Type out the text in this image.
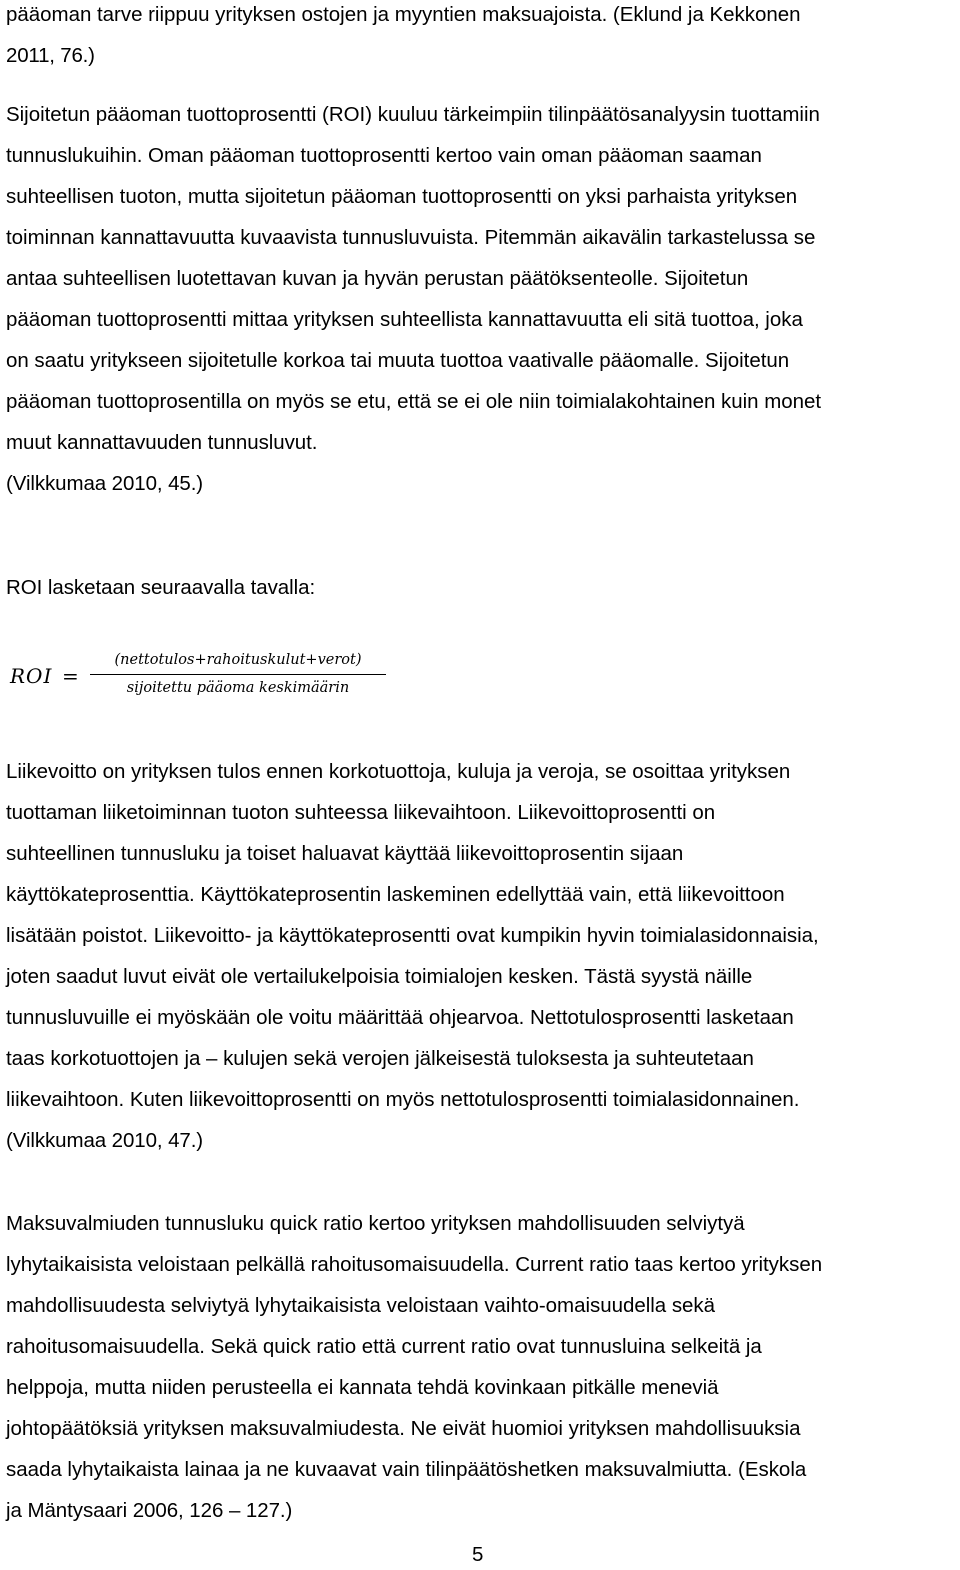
pääoman tarve riippuu yrityksen ostojen ja myyntien maksuajoista. (Eklund ja Kekkonen
2011, 76.)
Sijoitetun pääoman tuottoprosentti (ROI) kuuluu tärkeimpiin tilinpäätösanalyysin tuottamiin
tunnuslukuihin. Oman pääoman tuottoprosentti kertoo vain oman pääoman saaman
suhteellisen tuoton, mutta sijoitetun pääoman tuottoprosentti on yksi parhaista yrityksen
toiminnan kannattavuutta kuvaavista tunnusluvuista. Pitemmän aikavälin tarkastelussa se
antaa suhteellisen luotettavan kuvan ja hyvän perustan päätöksenteolle. Sijoitetun
pääoman tuottoprosentti mittaa yrityksen suhteellista kannattavuutta eli sitä tuottoa, joka
on saatu yritykseen sijoitetulle korkoa tai muuta tuottoa vaativalle pääomalle. Sijoitetun
pääoman tuottoprosentilla on myös se etu, että se ei ole niin toimialakohtainen kuin monet
muut kannattavuuden tunnusluvut.
(Vilkkumaa 2010, 45.)
ROI lasketaan seuraavalla tavalla:
ROI =
(nettotulos+rahoituskulut+verot)
sijoitettu pääoma keskimäärin
Liikevoitto on yrityksen tulos ennen korkotuottoja, kuluja ja veroja, se osoittaa yrityksen
tuottaman liiketoiminnan tuoton suhteessa liikevaihtoon. Liikevoittoprosentti on
suhteellinen tunnusluku ja toiset haluavat käyttää liikevoittoprosentin sijaan
käyttökateprosenttia. Käyttökateprosentin laskeminen edellyttää vain, että liikevoittoon
lisätään poistot. Liikevoitto- ja käyttökateprosentti ovat kumpikin hyvin toimialasidonnaisia,
joten saadut luvut eivät ole vertailukelpoisia toimialojen kesken. Tästä syystä näille
tunnusluvuille ei myöskään ole voitu määrittää ohjearvoa. Nettotulosprosentti lasketaan
taas korkotuottojen ja – kulujen sekä verojen jälkeisestä tuloksesta ja suhteutetaan
liikevaihtoon. Kuten liikevoittoprosentti on myös nettotulosprosentti toimialasidonnainen.
(Vilkkumaa 2010, 47.)
Maksuvalmiuden tunnusluku quick ratio kertoo yrityksen mahdollisuuden selviytyä
lyhytaikaisista veloistaan pelkällä rahoitusomaisuudella. Current ratio taas kertoo yrityksen
mahdollisuudesta selviytyä lyhytaikaisista veloistaan vaihto-omaisuudella sekä
rahoitusomaisuudella. Sekä quick ratio että current ratio ovat tunnusluina selkeitä ja
helppoja, mutta niiden perusteella ei kannata tehdä kovinkaan pitkälle meneviä
johtopäätöksiä yrityksen maksuvalmiudesta. Ne eivät huomioi yrityksen mahdollisuuksia
saada lyhytaikaista lainaa ja ne kuvaavat vain tilinpäätöshetken maksuvalmiutta. (Eskola
ja Mäntysaari 2006, 126 – 127.)
5
